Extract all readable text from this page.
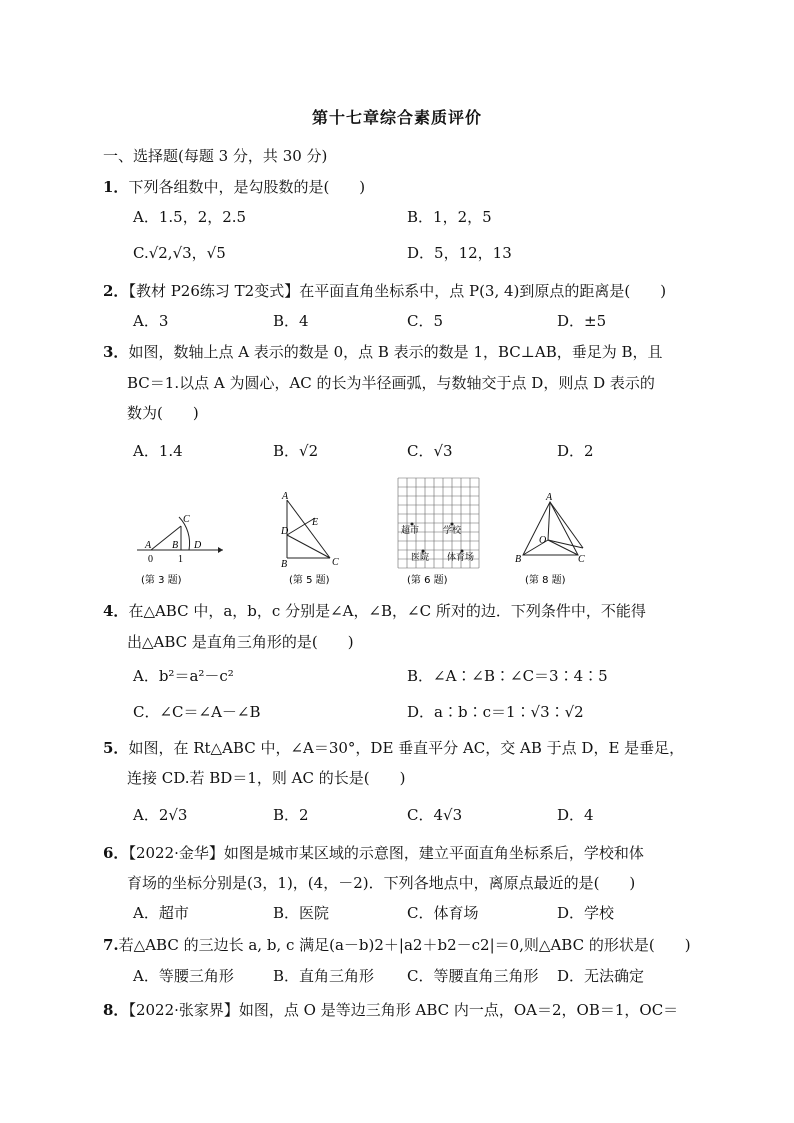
第十七章综合素质评价
一、选择题(每题 3 分，共 30 分)
1．下列各组数中，是勾股数的是(　　)
A．1.5，2，2.5	B．1，2，5
C.√2,√3，√5	D．5，12，13
2．【教材 P26练习 T2变式】在平面直角坐标系中，点 P(3, 4)到原点的距离是(　　)
A．3	B．4	C．5	D．±5
3．如图，数轴上点 A 表示的数是 0，点 B 表示的数是 1，BC⊥AB，垂足为 B，且
BC＝1.以点 A 为圆心，AC 的长为半径画弧，与数轴交于点 D，则点 D 表示的
数为(　　)
A．1.4	B．√2	C．√3	D．2
C
A B D
0	1
(第 3 题)
A
E
D
B	C
(第 5 题)
超市	学校
医院 体育场
(第 6 题)
A
O
B	C
(第 8 题)
4．在△ABC 中，a，b，c 分别是∠A，∠B，∠C 所对的边．下列条件中，不能得
出△ABC 是直角三角形的是(　　)
A．b²＝a²－c²	B．∠A∶∠B∶∠C＝3∶4∶5
C．∠C＝∠A－∠B	D．a∶b∶c＝1∶√3∶√2
5．如图，在 Rt△ABC 中，∠A＝30°，DE 垂直平分 AC，交 AB 于点 D，E 是垂足，
连接 CD.若 BD＝1，则 AC 的长是(　　)
A．2√3	B．2	C．4√3	D．4
6．【2022·金华】如图是城市某区域的示意图，建立平面直角坐标系后，学校和体
育场的坐标分别是(3，1)，(4，－2)．下列各地点中，离原点最近的是(　　)
A．超市	B．医院	C．体育场	D．学校
7.若△ABC 的三边长 a, b, c 满足(a－b)2＋|a2＋b2－c2|＝0,则△ABC 的形状是(　　)
A．等腰三角形	B．直角三角形 C．等腰直角三角形 D．无法确定
8．【2022·张家界】如图，点 O 是等边三角形 ABC 内一点，OA＝2，OB＝1，OC＝
